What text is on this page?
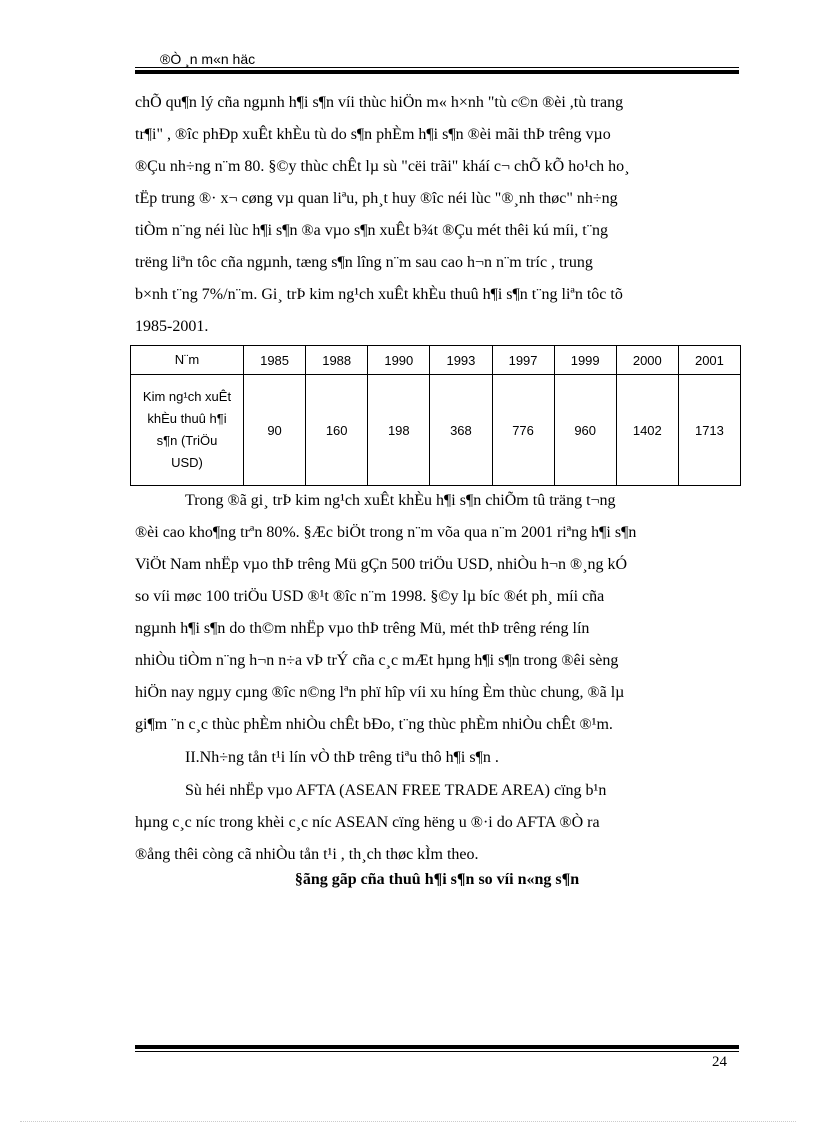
®Ò ¸n m«n häc
chÕ qu¶n lý cña ngµnh h¶i s¶n víi thùc hiÖn m« h×nh "tù c©n ®èi ,tù trang
tr¶i" , ®îc phÐp xuÊt khÈu tù do s¶n phÈm h¶i s¶n ®èi mãi thÞ trêng vµo
®Çu nh÷ng n¨m 80. §©y thùc chÊt lµ sù "cëi trãi" kháí c¬ chÕ kÕ ho¹ch ho¸
tËp trung ®· x¬ cøng vµ quan liªu, ph¸t huy ®îc néi lùc "®¸nh thøc" nh÷ng
tiÒm n¨ng néi lùc h¶i s¶n ®a vµo s¶n xuÊt b¾t ®Çu mét thêi kú míi, t¨ng
trëng liªn tôc cña ngµnh, tæng s¶n lîng n¨m sau cao h¬n n¨m tríc , trung
b×nh t¨ng 7%/n¨m. Gi¸ trÞ kim ng¹ch xuÊt khÈu thuû h¶i s¶n t¨ng liªn tôc tõ
1985-2001.
N¨m	1985	1988	1990	1993	1997	1999	2000	2001

Kim ng¹ch xuÊt
khÈu thuû h¶i
s¶n (TriÖu
USD)	90	160	198	368	776	960	1402	1713
Trong ®ã gi¸ trÞ kim ng¹ch xuÊt khÈu h¶i s¶n chiÕm tû träng t¬ng
®èi cao kho¶ng trªn 80%. §Æc biÖt trong n¨m võa qua n¨m 2001 riªng h¶i s¶n
ViÖt Nam nhËp vµo thÞ trêng Mü gÇn 500 triÖu USD, nhiÒu h¬n ®¸ng kÓ
so víi møc 100 triÖu USD ®¹t ®îc n¨m 1998. §©y lµ bíc ®ét ph¸ míi cña
ngµnh h¶i s¶n do th©m nhËp vµo thÞ trêng Mü, mét thÞ trêng réng lín
nhiÒu tiÒm n¨ng h¬n n÷a vÞ trÝ cña c¸c mÆt hµng h¶i s¶n trong ®êi sèng
hiÖn nay ngµy cµng ®îc n©ng lªn phï hîp víi xu híng Èm thùc chung, ®ã lµ
gi¶m ¨n c¸c thùc phÈm nhiÒu chÊt bÐo, t¨ng thùc phÈm nhiÒu chÊt ®¹m.
II.Nh÷ng tån t¹i lín vÒ thÞ trêng tiªu thô h¶i s¶n .
Sù héi nhËp vµo AFTA (ASEAN FREE TRADE AREA) cïng b¹n
hµng c¸c níc trong khèi c¸c níc ASEAN cïng hëng u ®·i do AFTA ®Ò ra
®ång thêi còng cã nhiÒu tån t¹i , th¸ch thøc kÌm theo.
§ãng gãp cña thuû h¶i s¶n so víi n«ng s¶n
24
